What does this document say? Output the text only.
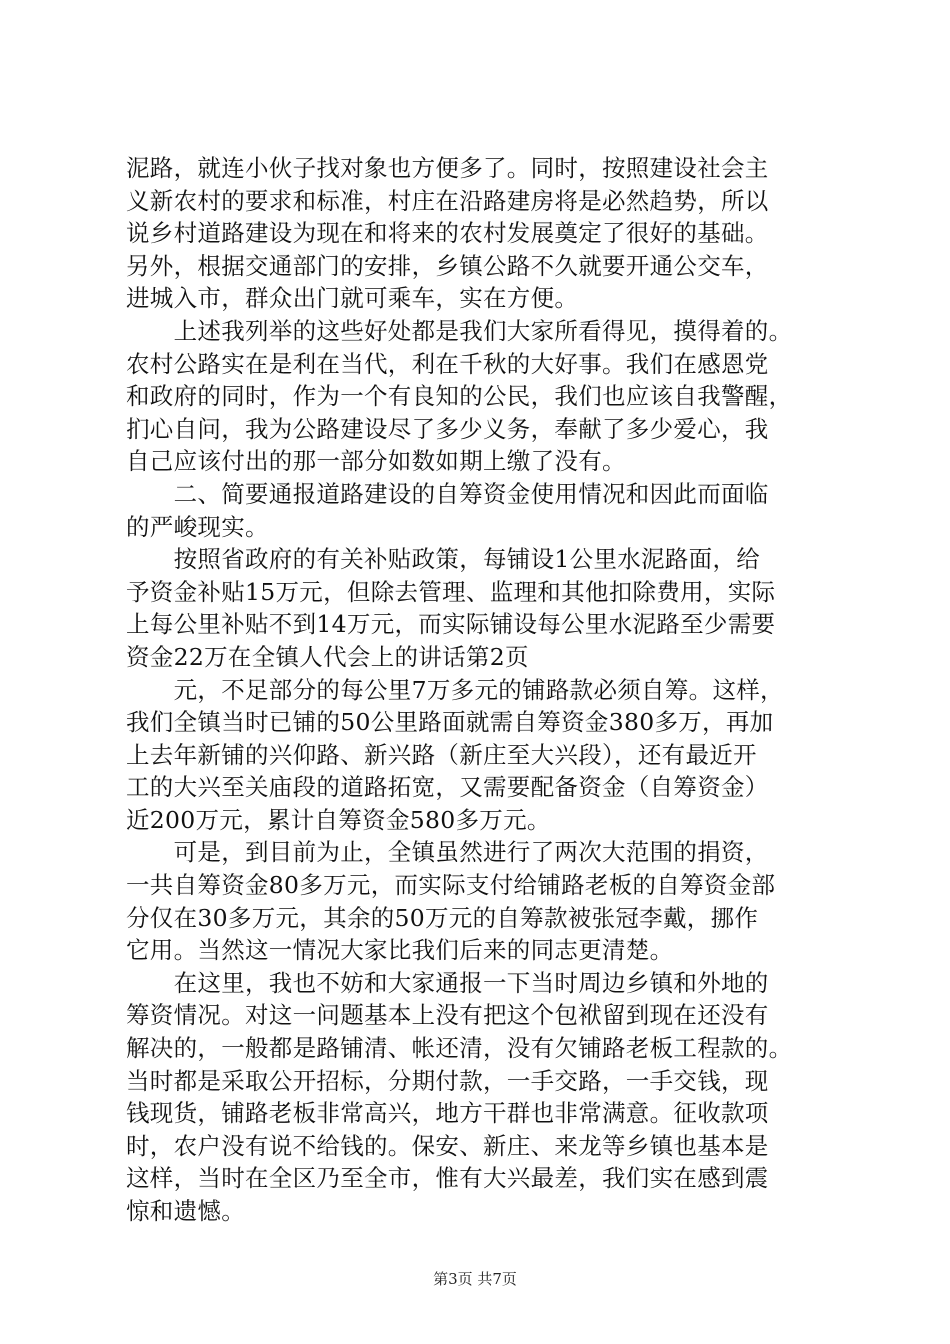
泥路，就连小伙子找对象也方便多了。同时，按照建设社会主
义新农村的要求和标准，村庄在沿路建房将是必然趋势，所以
说乡村道路建设为现在和将来的农村发展奠定了很好的基础。
另外，根据交通部门的安排，乡镇公路不久就要开通公交车，
进城入市，群众出门就可乘车，实在方便。
　　上述我列举的这些好处都是我们大家所看得见，摸得着的。
农村公路实在是利在当代，利在千秋的大好事。我们在感恩党
和政府的同时，作为一个有良知的公民，我们也应该自我警醒，
扪心自问，我为公路建设尽了多少义务，奉献了多少爱心，我
自己应该付出的那一部分如数如期上缴了没有。
　　二、简要通报道路建设的自筹资金使用情况和因此而面临
的严峻现实。
　　按照省政府的有关补贴政策，每铺设1公里水泥路面，给
予资金补贴15万元，但除去管理、监理和其他扣除费用，实际
上每公里补贴不到14万元，而实际铺设每公里水泥路至少需要
资金22万在全镇人代会上的讲话第2页
　　元，不足部分的每公里7万多元的铺路款必须自筹。这样，
我们全镇当时已铺的50公里路面就需自筹资金380多万，再加
上去年新铺的兴仰路、新兴路（新庄至大兴段），还有最近开
工的大兴至关庙段的道路拓宽，又需要配备资金（自筹资金）
近200万元，累计自筹资金580多万元。
　　可是，到目前为止，全镇虽然进行了两次大范围的捐资，
一共自筹资金80多万元，而实际支付给铺路老板的自筹资金部
分仅在30多万元，其余的50万元的自筹款被张冠李戴，挪作
它用。当然这一情况大家比我们后来的同志更清楚。
　　在这里，我也不妨和大家通报一下当时周边乡镇和外地的
筹资情况。对这一问题基本上没有把这个包袱留到现在还没有
解决的，一般都是路铺清、帐还清，没有欠铺路老板工程款的。
当时都是采取公开招标，分期付款，一手交路，一手交钱，现
钱现货，铺路老板非常高兴，地方干群也非常满意。征收款项
时，农户没有说不给钱的。保安、新庄、来龙等乡镇也基本是
这样，当时在全区乃至全市，惟有大兴最差，我们实在感到震
惊和遗憾。
第3页 共7页
